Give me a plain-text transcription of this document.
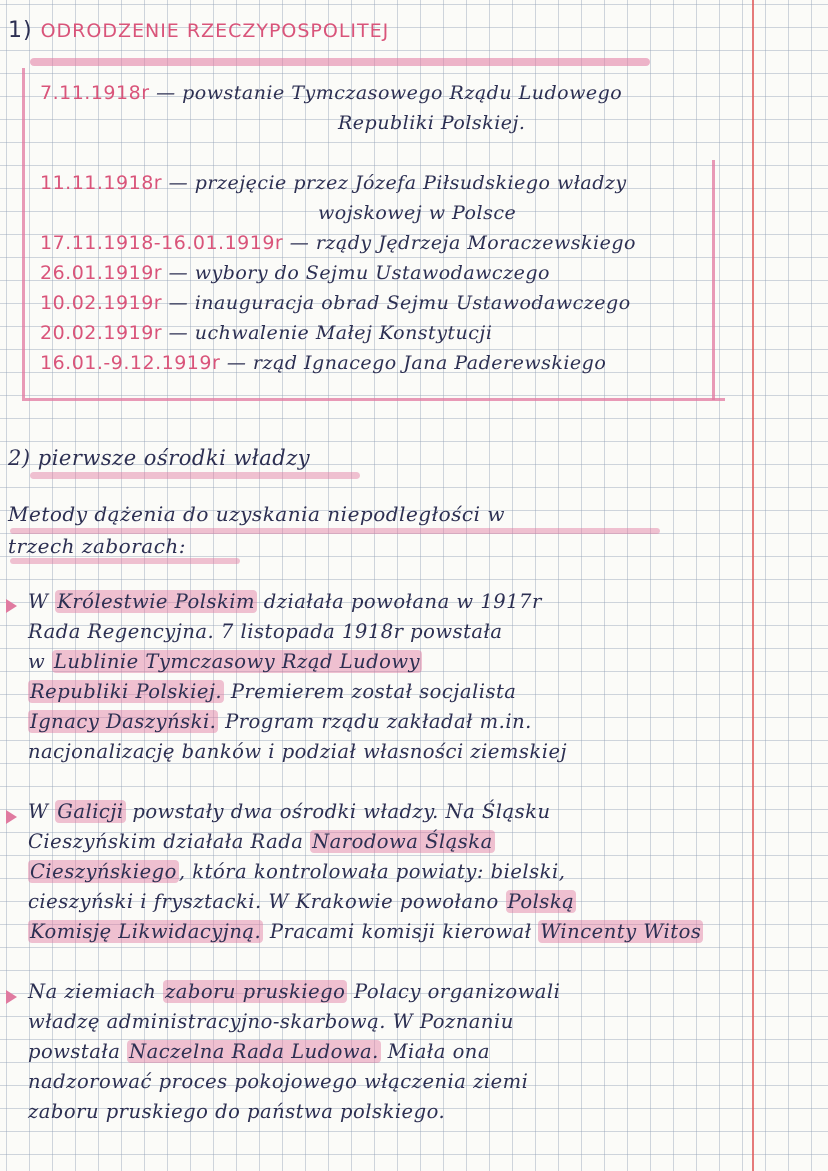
1) ODRODZENIE RZECZYPOSPOLITEJ
7.11.1918r — powstanie Tymczasowego Rządu Ludowego
Republiki Polskiej.
11.11.1918r — przejęcie przez Józefa Piłsudskiego władzy
wojskowej w Polsce
17.11.1918-16.01.1919r — rządy Jędrzeja Moraczewskiego
26.01.1919r — wybory do Sejmu Ustawodawczego
10.02.1919r — inauguracja obrad Sejmu Ustawodawczego
20.02.1919r — uchwalenie Małej Konstytucji
16.01.-9.12.1919r — rząd Ignacego Jana Paderewskiego
2) pierwsze ośrodki władzy
Metody dążenia do uzyskania niepodległości w
trzech zaborach:
W Królestwie Polskim działała powołana w 1917r
Rada Regencyjna. 7 listopada 1918r powstała
w Lublinie Tymczasowy Rząd Ludowy
Republiki Polskiej. Premierem został socjalista
Ignacy Daszyński. Program rządu zakładał m.in.
nacjonalizację banków i podział własności ziemskiej
W Galicji powstały dwa ośrodki władzy. Na Śląsku
Cieszyńskim działała Rada Narodowa Śląska
Cieszyńskiego , która kontrolowała powiaty: bielski,
cieszyński i frysztacki. W Krakowie powołano Polską
Komisję Likwidacyjną. Pracami komisji kierował Wincenty Witos
Na ziemiach zaboru pruskiego Polacy organizowali
władzę administracyjno-skarbową. W Poznaniu
powstała Naczelna Rada Ludowa. Miała ona
nadzorować proces pokojowego włączenia ziemi
zaboru pruskiego do państwa polskiego.
